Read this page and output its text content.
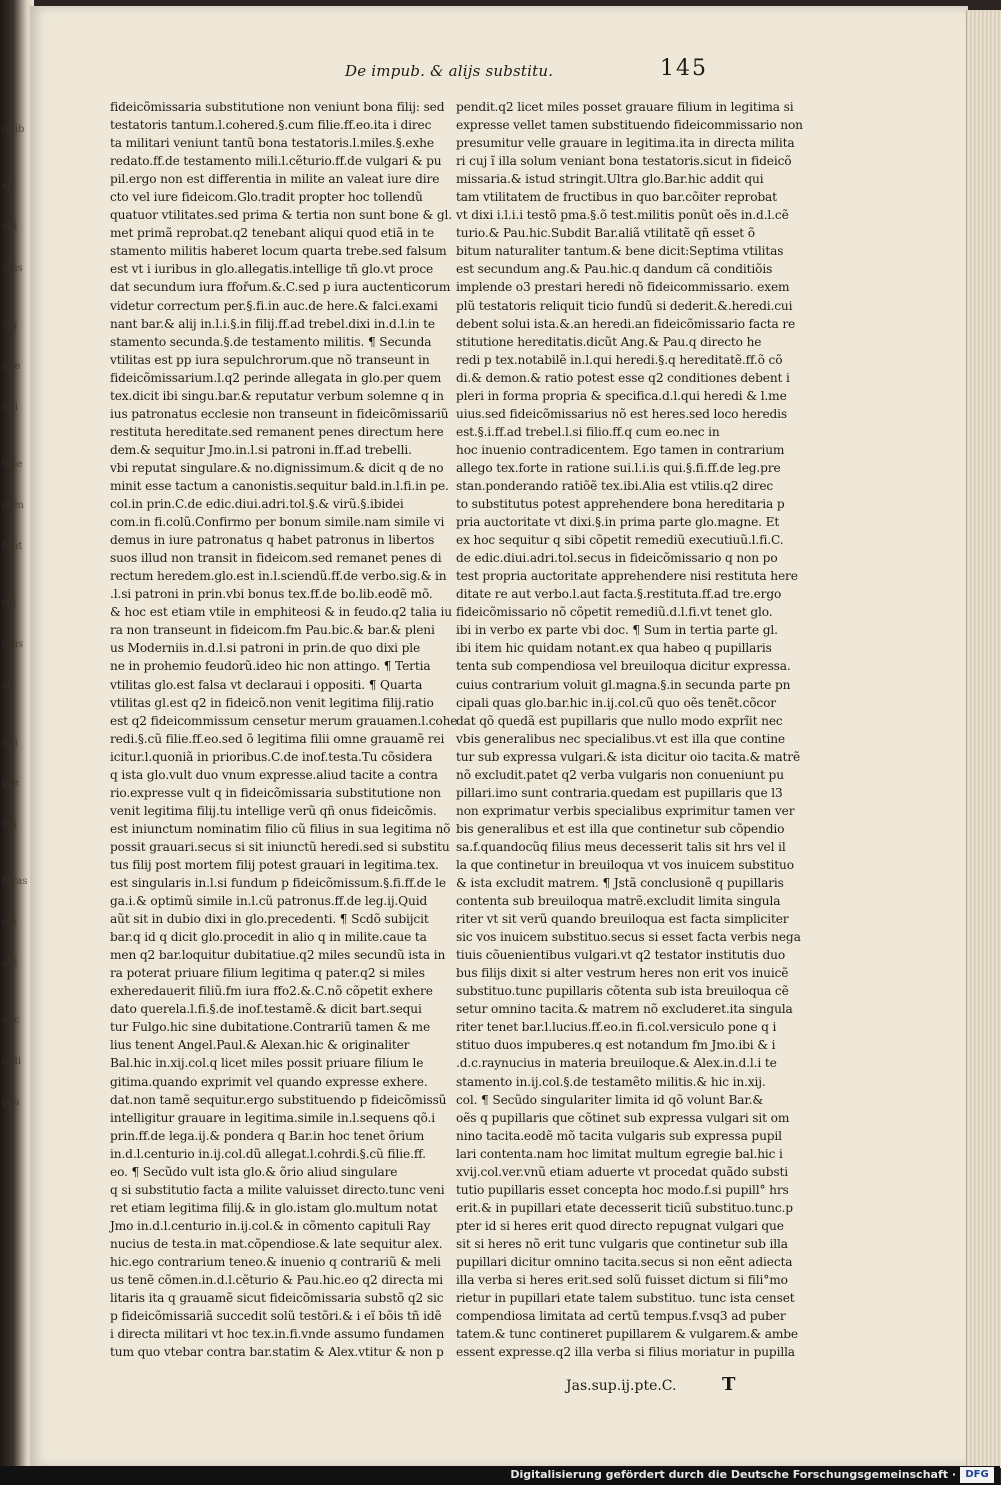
quib
sit
vid
sitis
vlg
mie
nni
tute
dem
tent
rie
inus
se
mu
pre
ius
feras
ins
ald
anc
mili
pos
De impub. & alijs substitu.	145
fideicõmissaria substitutione non veniunt bona filij: sed
testatoris tantum.l.cohered.§.cum filie.ff.eo.ita i direc
ta militari veniunt tantũ bona testatoris.l.miles.§.exhe
redato.ff.de testamento mili.l.cẽturio.ff.de vulgari & pu
pil.ergo non est differentia in milite an valeat iure dire
cto vel iure fideicom.Glo.tradit propter hoc tollendũ
quatuor vtilitates.sed prima & tertia non sunt bone & gl.
met primã reprobat.q2 tenebant aliqui quod etiã in te
stamento militis haberet locum quarta trebe.sed falsum
est vt i iuribus in glo.allegatis.intellige tñ glo.vt proce
dat secundum iura ffořum.&.C.sed p iura auctenticorum
videtur correctum per.§.fi.in auc.de here.& falci.exami
nant bar.& alij in.l.i.§.in filij.ff.ad trebel.dixi in.d.l.in te
stamento secunda.§.de testamento militis. ¶ Secunda
vtilitas est pp iura sepulchrorum.que nõ transeunt in
fideicõmissarium.l.q2 perinde allegata in glo.per quem
tex.dicit ibi singu.bar.& reputatur verbum solemne q in
ius patronatus ecclesie non transeunt in fideicõmissariũ
restituta hereditate.sed remanent penes directum here
dem.& sequitur Jmo.in.l.si patroni in.ff.ad trebelli.
vbi reputat singulare.& no.dignissimum.& dicit q de no
minit esse tactum a canonistis.sequitur bald.in.l.fi.in pe.
col.in prin.C.de edic.diui.adri.tol.§.& virũ.§.ibidei
com.in fi.colũ.Confirmo per bonum simile.nam simile vi
demus in iure patronatus q habet patronus in libertos
suos illud non transit in fideicom.sed remanet penes di
rectum heredem.glo.est in.l.sciendũ.ff.de verbo.sig.& in
.l.si patroni in prin.vbi bonus tex.ff.de bo.lib.eodẽ mõ.
& hoc est etiam vtile in emphiteosi & in feudo.q2 talia iu
ra non transeunt in fideicom.fm Pau.bic.& bar.& pleni
us Moderniis in.d.l.si patroni in prin.de quo dixi ple
ne in prohemio feudorũ.ideo hic non attingo. ¶ Tertia
vtilitas glo.est falsa vt declaraui i oppositi. ¶ Quarta
vtilitas gl.est q2 in fideicõ.non venit legitima filij.ratio
est q2 fideicommissum censetur merum grauamen.l.cohe
redi.§.cũ filie.ff.eo.sed õ legitima filii omne grauamẽ rei
icitur.l.quoniã in prioribus.C.de inof.testa.Tu cõsidera
q ista glo.vult duo vnum expresse.aliud tacite a contra
rio.expresse vult q in fideicõmissaria substitutione non
venit legitima filij.tu intellige verũ qñ onus fideicõmis.
est iniunctum nominatim filio cũ filius in sua legitima nõ
possit grauari.secus si sit iniunctũ heredi.sed si substitu
tus filij post mortem filij potest grauari in legitima.tex.
est singularis in.l.si fundum p fideicõmissum.§.fi.ff.de le
ga.i.& optimũ simile in.l.cũ patronus.ff.de leg.ij.Quid
aũt sit in dubio dixi in glo.precedenti. ¶ Scdõ subijcit
bar.q id q dicit glo.procedit in alio q in milite.caue ta
men q2 bar.loquitur dubitatiue.q2 miles secundũ ista in
ra poterat priuare filium legitima q pater.q2 si miles
exheredauerit filiũ.fm iura ffo2.&.C.nõ cõpetit exhere
dato querela.l.fi.§.de inof.testamẽ.& dicit bart.sequi
tur Fulgo.hic sine dubitatione.Contrariũ tamen & me
lius tenent Angel.Paul.& Alexan.hic & originaliter
Bal.hic in.xij.col.q licet miles possit priuare filium le
gitima.quando exprimit vel quando expresse exhere.
dat.non tamẽ sequitur.ergo substituendo p fideicõmissũ
intelligitur grauare in legitima.simile in.l.sequens qõ.i
prin.ff.de lega.ij.& pondera q Bar.in hoc tenet õrium
in.d.l.centurio in.ij.col.dũ allegat.l.cohrdi.§.cũ filie.ff.
eo. ¶ Secũdo vult ista glo.& õrio aliud singulare
q si substitutio facta a milite valuisset directo.tunc veni
ret etiam legitima filij.& in glo.istam glo.multum notat
Jmo in.d.l.centurio in.ij.col.& in cõmento capituli Ray
nucius de testa.in mat.cõpendiose.& late sequitur alex.
hic.ego contrarium teneo.& inuenio q contrariũ & meli
us tenẽ cõmen.in.d.l.cẽturio & Pau.hic.eo q2 directa mi
litaris ita q grauamẽ sicut fideicõmissaria substõ q2 sic
p fideicõmissariã succedit solũ testõri.& i eĩ bõis tñ idẽ
i directa militari vt hoc tex.in.fi.vnde assumo fundamen
tum quo vtebar contra bar.statim & Alex.vtitur & non p
pendit.q2 licet miles posset grauare filium in legitima si
expresse vellet tamen substituendo fideicommissario non
presumitur velle grauare in legitima.ita in directa milita
ri cuj ĩ illa solum veniant bona testatoris.sicut in fideicõ
missaria.& istud stringit.Ultra glo.Bar.hic addit qui
tam vtilitatem de fructibus in quo bar.cõiter reprobat
vt dixi i.l.i.i testõ pma.§.õ test.militis ponũt oẽs in.d.l.cẽ
turio.& Pau.hic.Subdit Bar.aliã vtilitatẽ qñ esset õ
bitum naturaliter tantum.& bene dicit:Septima vtilitas
est secundum ang.& Pau.hic.q dandum cã conditiõis
implende o3 prestari heredi nõ fideicommissario. exem
plũ testatoris reliquit ticio fundũ si dederit.&.heredi.cui
debent solui ista.&.an heredi.an fideicõmissario facta re
stitutione hereditatis.dicũt Ang.& Pau.q directo he
redi p tex.notabilẽ in.l.qui heredi.§.q hereditatẽ.ff.õ cõ
di.& demon.& ratio potest esse q2 conditiones debent i
pleri in forma propria & specifica.d.l.qui heredi & l.me
uius.sed fideicõmissarius nõ est heres.sed loco heredis
est.§.i.ff.ad trebel.l.si filio.ff.q cum eo.nec in
hoc inuenio contradicentem. Ego tamen in contrarium
allego tex.forte in ratione sui.l.i.is qui.§.fi.ff.de leg.pre
stan.ponderando ratiõẽ tex.ibi.Alia est vtilis.q2 direc
to substitutus potest apprehendere bona hereditaria p
pria auctoritate vt dixi.§.in prima parte glo.magne. Et
ex hoc sequitur q sibi cõpetit remediũ executiuũ.l.fi.C.
de edic.diui.adri.tol.secus in fideicõmissario q non po
test propria auctoritate apprehendere nisi restituta here
ditate re aut verbo.l.aut facta.§.restituta.ff.ad tre.ergo
fideicõmissario nõ cõpetit remediũ.d.l.fi.vt tenet glo.
ibi in verbo ex parte vbi doc. ¶ Sum in tertia parte gl.
ibi item hic quidam notant.ex qua habeo q pupillaris
tenta sub compendiosa vel breuiloqua dicitur expressa.
cuius contrarium voluit gl.magna.§.in secunda parte pn
cipali quas glo.bar.hic in.ij.col.cũ quo oẽs tenẽt.cõcor
dat qõ quedã est pupillaris que nullo modo exprĩit nec
vbis generalibus nec specialibus.vt est illa que contine
tur sub expressa vulgari.& ista dicitur oio tacita.& matrẽ
nõ excludit.patet q2 verba vulgaris non conueniunt pu
pillari.imo sunt contraria.quedam est pupillaris que l3
non exprimatur verbis specialibus exprimitur tamen ver
bis generalibus et est illa que continetur sub cõpendio
sa.f.quandocũq filius meus decesserit talis sit hrs vel il
la que continetur in breuiloqua vt vos inuicem substituo
& ista excludit matrem. ¶ Jstã conclusionẽ q pupillaris
contenta sub breuiloqua matrẽ.excludit limita singula
riter vt sit verũ quando breuiloqua est facta simpliciter
sic vos inuicem substituo.secus si esset facta verbis nega
tiuis cõuenientibus vulgari.vt q2 testator institutis duo
bus filijs dixit si alter vestrum heres non erit vos inuicẽ
substituo.tunc pupillaris cõtenta sub ista breuiloqua cẽ
setur omnino tacita.& matrem nõ excluderet.ita singula
riter tenet bar.l.lucius.ff.eo.in fi.col.versiculo pone q i
stituo duos impuberes.q est notandum fm Jmo.ibi & i
.d.c.raynucius in materia breuiloque.& Alex.in.d.l.i te
stamento in.ij.col.§.de testamẽto militis.& hic in.xij.
col. ¶ Secũdo singulariter limita id qõ volunt Bar.&
oẽs q pupillaris que cõtinet sub expressa vulgari sit om
nino tacita.eodẽ mõ tacita vulgaris sub expressa pupil
lari contenta.nam hoc limitat multum egregie bal.hic i
xvij.col.ver.vnũ etiam aduerte vt procedat quãdo substi
tutio pupillaris esset concepta hoc modo.f.si pupill° hrs
erit.& in pupillari etate decesserit ticiũ substituo.tunc.p
pter id si heres erit quod directo repugnat vulgari que
sit si heres nõ erit tunc vulgaris que continetur sub illa
pupillari dicitur omnino tacita.secus si non eẽnt adiecta
illa verba si heres erit.sed solũ fuisset dictum si fili°mo
rietur in pupillari etate talem substituo. tunc ista censet
compendiosa limitata ad certũ tempus.f.vsq3 ad puber
tatem.& tunc contineret pupillarem & vulgarem.& ambe
essent expresse.q2 illa verba si filius moriatur in pupilla
Jas.sup.ij.pte.C.	T
Digitalisierung gefördert durch die Deutsche Forschungsgemeinschaft · DFG
